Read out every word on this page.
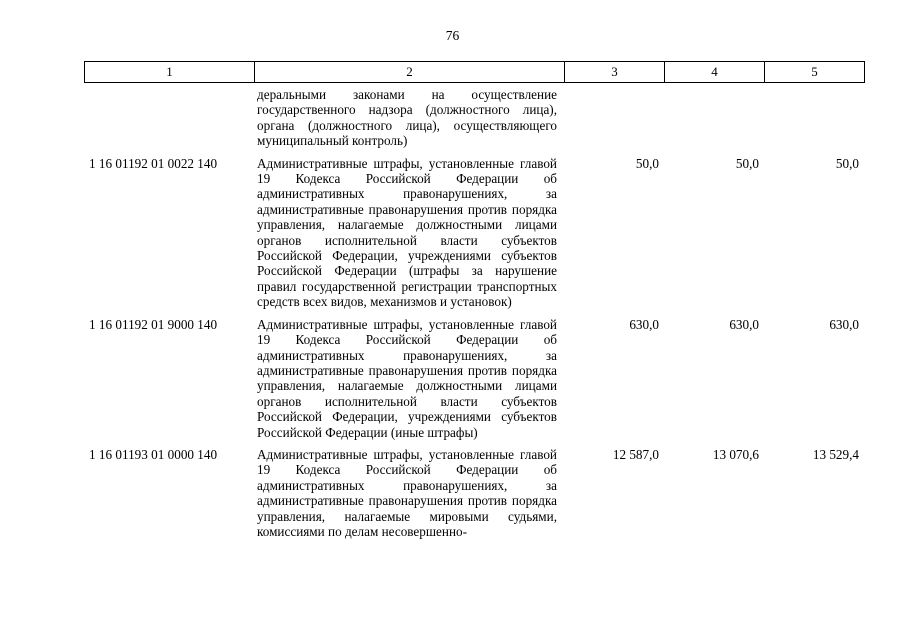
76
1	2	3	4	5
	деральными законами на осуществление государственного надзора (должностного лица), органа (должностного лица), осуществляющего муниципальный контроль)			
1 16 01192 01 0022 140	Административные штрафы, установленные главой 19 Кодекса Российской Федерации об административных правонарушениях, за административные правонарушения против порядка управления, налагаемые должностными лицами органов исполнительной власти субъектов Российской Федерации, учреждениями субъектов Российской Федерации (штрафы за нарушение правил государственной регистрации транспортных средств всех видов, механизмов и установок)	50,0	50,0	50,0
1 16 01192 01 9000 140	Административные штрафы, установленные главой 19 Кодекса Российской Федерации об административных правонарушениях, за административные правонарушения против порядка управления, налагаемые должностными лицами органов исполнительной власти субъектов Российской Федерации, учреждениями субъектов Российской Федерации (иные штрафы)	630,0	630,0	630,0
1 16 01193 01 0000 140	Административные штрафы, установленные главой 19 Кодекса Российской Федерации об административных правонарушениях, за административные правонарушения против порядка управления, налагаемые мировыми судьями, комиссиями по делам несовершенно-	12 587,0	13 070,6	13 529,4
